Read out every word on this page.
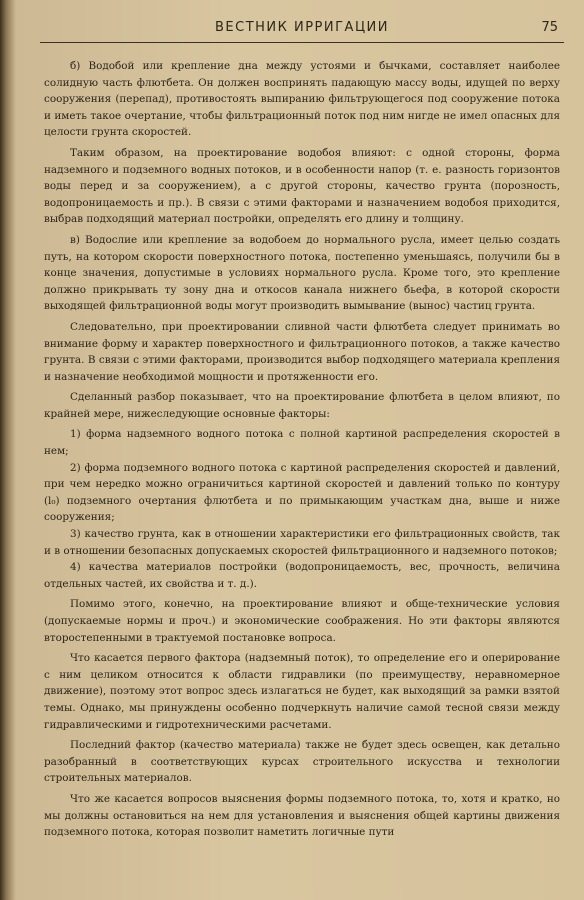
ВЕСТНИК ИРРИГАЦИИ	75

б) Водобой или крепление дна между устоями и бычками, составляет наиболее солидную часть флютбета. Он должен воспринять падающую массу воды, идущей по верху сооружения (перепад), противостоять выпиранию фильтрующегося под сооружение потока и иметь такое очертание, чтобы фильтрационный поток под ним нигде не имел опасных для целости грунта скоростей.

Таким образом, на проектирование водобоя влияют: с одной стороны, форма надземного и подземного водных потоков, и в особенности напор (т. е. разность горизонтов воды перед и за сооружением), а с другой стороны, качество грунта (порозность, водопроницаемость и пр.). В связи с этими факторами и назначением водобоя приходится, выбрав подходящий материал постройки, определять его длину и толщину.

в) Водослие или крепление за водобоем до нормального русла, имеет целью создать путь, на котором скорости поверхностного потока, постепенно уменьшаясь, получили бы в конце значения, допустимые в условиях нормального русла. Кроме того, это крепление должно прикрывать ту зону дна и откосов канала нижнего бьефа, в которой скорости выходящей фильтрационной воды могут производить вымывание (вынос) частиц грунта.

Следовательно, при проектировании сливной части флютбета следует принимать во внимание форму и характер поверхностного и фильтрационного потоков, а также качество грунта. В связи с этими факторами, производится выбор подходящего материала крепления и назначение необходимой мощности и протяженности его.

Сделанный разбор показывает, что на проектирование флютбета в целом влияют, по крайней мере, нижеследующие основные факторы:

1) форма надземного водного потока с полной картиной распределения скоростей в нем;

2) форма подземного водного потока с картиной распределения скоростей и давлений, при чем нередко можно ограничиться картиной скоростей и давлений только по контуру (l₀) подземного очертания флютбета и по примыкающим участкам дна, выше и ниже сооружения;

3) качество грунта, как в отношении характеристики его фильтрационных свойств, так и в отношении безопасных допускаемых скоростей фильтрационного и надземного потоков;

4) качества материалов постройки (водопроницаемость, вес, прочность, величина отдельных частей, их свойства и т. д.).

Помимо этого, конечно, на проектирование влияют и обще-технические условия (допускаемые нормы и проч.) и экономические соображения. Но эти факторы являются второстепенными в трактуемой постановке вопроса.

Что касается первого фактора (надземный поток), то определение его и оперирование с ним целиком относится к области гидравлики (по преимуществу, неравномерное движение), поэтому этот вопрос здесь излагаться не будет, как выходящий за рамки взятой темы. Однако, мы принуждены особенно подчеркнуть наличие самой тесной связи между гидравлическими и гидротехническими расчетами.

Последний фактор (качество материала) также не будет здесь освещен, как детально разобранный в соответствующих курсах строительного искусства и технологии строительных материалов.

Что же касается вопросов выяснения формы подземного потока, то, хотя и кратко, но мы должны остановиться на нем для установления и выяснения общей картины движения подземного потока, которая позволит наметить логичные пути
